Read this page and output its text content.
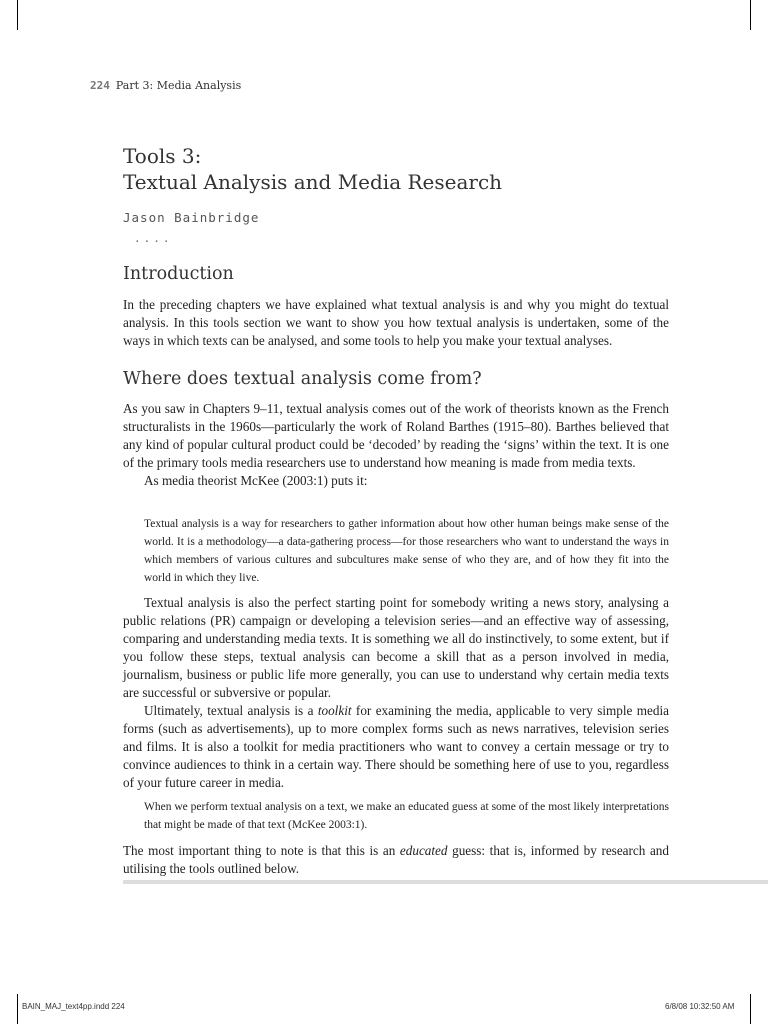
224 Part 3: Media Analysis
Tools 3:
Textual Analysis and Media Research
Jason Bainbridge
....
Introduction

In the preceding chapters we have explained what textual analysis is and why you might do textual analysis. In this tools section we want to show you how textual analysis is undertaken, some of the ways in which texts can be analysed, and some tools to help you make your textual analyses.

Where does textual analysis come from?

As you saw in Chapters 9–11, textual analysis comes out of the work of theorists known as the French structuralists in the 1960s—particularly the work of Roland Barthes (1915–80). Barthes believed that any kind of popular cultural product could be ‘decoded’ by reading the ‘signs’ within the text. It is one of the primary tools media researchers use to understand how meaning is made from media texts.

As media theorist McKee (2003:1) puts it:

Textual analysis is a way for researchers to gather information about how other human beings make sense of the world. It is a methodology—a data-gathering process—for those researchers who want to understand the ways in which members of various cultures and subcultures make sense of who they are, and of how they fit into the world in which they live.

Textual analysis is also the perfect starting point for somebody writing a news story, analysing a public relations (PR) campaign or developing a television series—and an effective way of assessing, comparing and understanding media texts. It is something we all do instinctively, to some extent, but if you follow these steps, textual analysis can become a skill that as a person involved in media, journalism, business or public life more generally, you can use to understand why certain media texts are successful or subversive or popular.

Ultimately, textual analysis is a toolkit for examining the media, applicable to very simple media forms (such as advertisements), up to more complex forms such as news narratives, television series and films. It is also a toolkit for media practitioners who want to convey a certain message or try to convince audiences to think in a certain way. There should be something here of use to you, regardless of your future career in media.

When we perform textual analysis on a text, we make an educated guess at some of the most likely interpretations that might be made of that text (McKee 2003:1).

The most important thing to note is that this is an educated guess: that is, informed by research and utilising the tools outlined below.

BAIN_MAJ_text4pp.indd 224	6/8/08 10:32:50 AM
